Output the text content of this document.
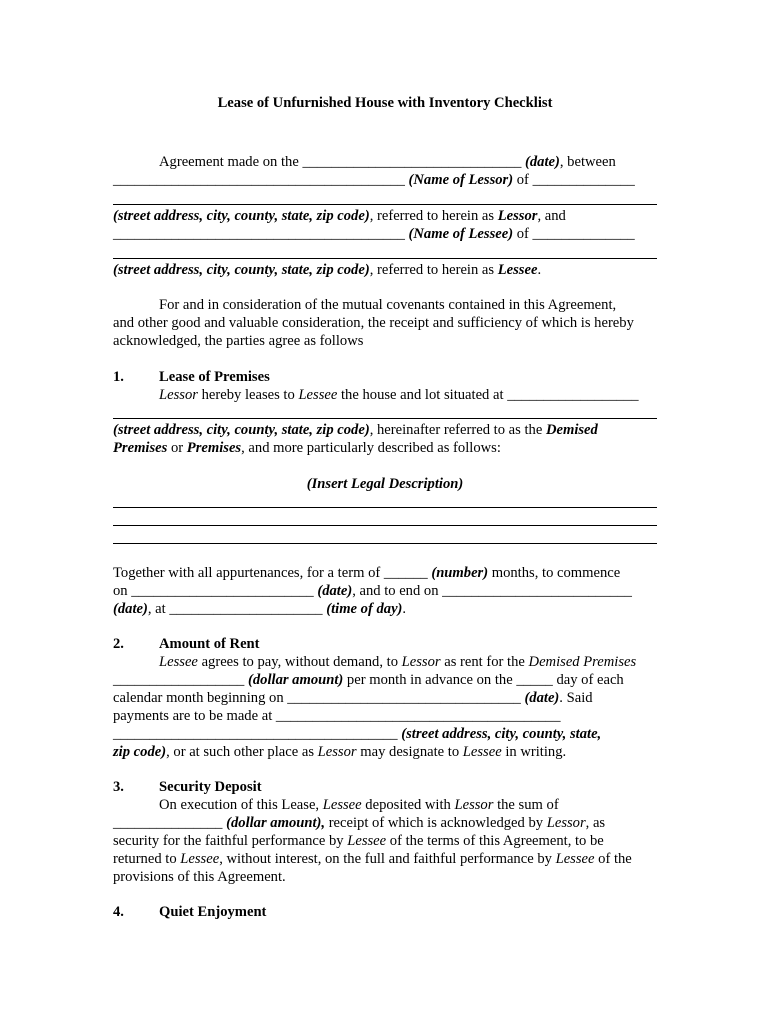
Lease of Unfurnished House with Inventory Checklist
Agreement made on the ______________________________ (date), between
________________________________________ (Name of Lessor) of ______________
(street address, city, county, state, zip code), referred to herein as Lessor, and
________________________________________ (Name of Lessee) of ______________
(street address, city, county, state, zip code), referred to herein as Lessee.
For and in consideration of the mutual covenants contained in this Agreement,
and other good and valuable consideration, the receipt and sufficiency of which is hereby
acknowledged, the parties agree as follows
1.	Lease of Premises
Lessor hereby leases to Lessee the house and lot situated at __________________
(street address, city, county, state, zip code), hereinafter referred to as the Demised
Premises or Premises, and more particularly described as follows:
(Insert Legal Description)
Together with all appurtenances, for a term of ______ (number) months, to commence
on _________________________ (date), and to end on __________________________
(date), at _____________________ (time of day).
2.	Amount of Rent
Lessee agrees to pay, without demand, to Lessor as rent for the Demised Premises
__________________ (dollar amount) per month in advance on the _____ day of each
calendar month beginning on ________________________________ (date). Said
payments are to be made at _______________________________________
_______________________________________ (street address, city, county, state,
zip code), or at such other place as Lessor may designate to Lessee in writing.
3.	Security Deposit
On execution of this Lease, Lessee deposited with Lessor the sum of
_______________ (dollar amount), receipt of which is acknowledged by Lessor, as
security for the faithful performance by Lessee of the terms of this Agreement, to be
returned to Lessee, without interest, on the full and faithful performance by Lessee of the
provisions of this Agreement.
4.	Quiet Enjoyment
